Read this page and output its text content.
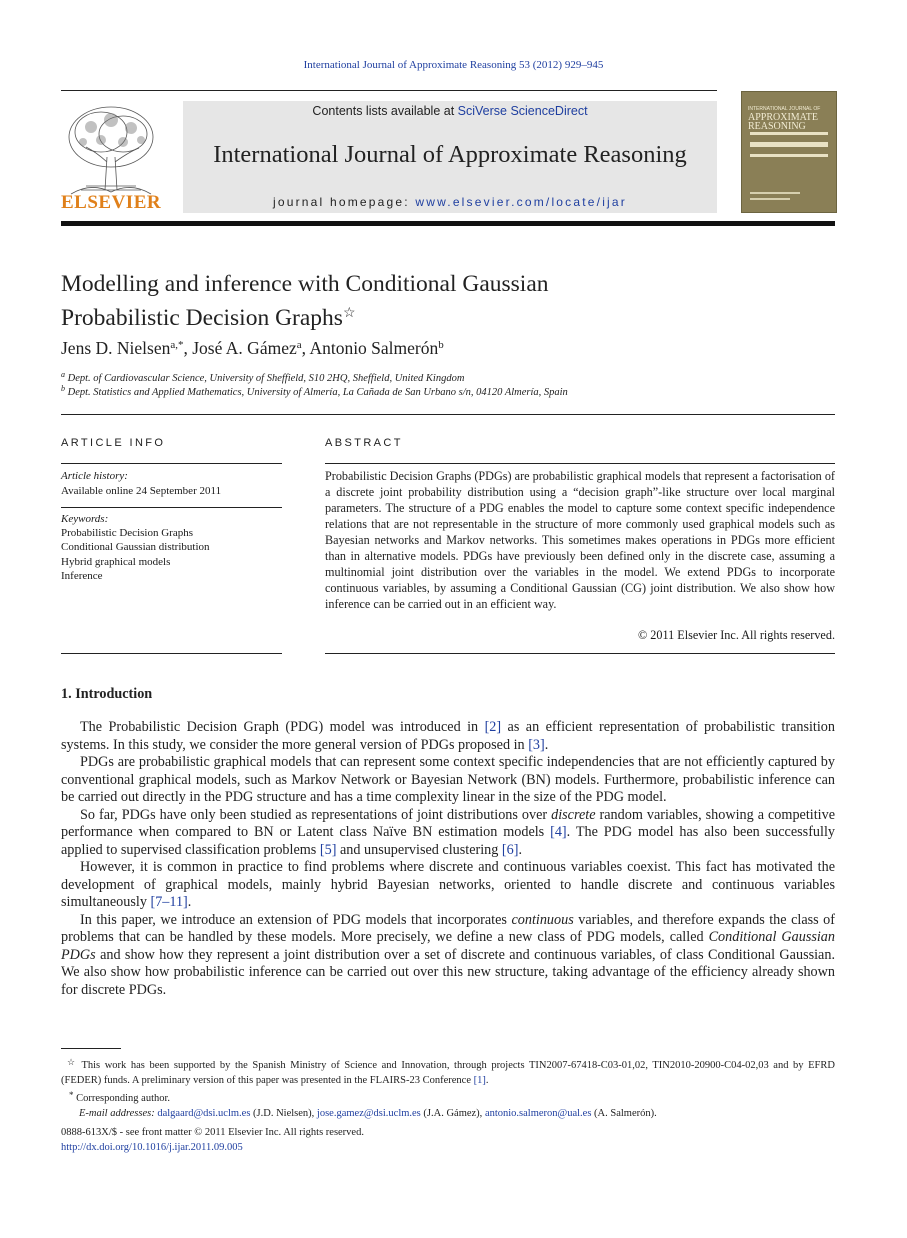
International Journal of Approximate Reasoning 53 (2012) 929–945
ELSEVIER
Contents lists available at SciVerse ScienceDirect
International Journal of Approximate Reasoning
journal homepage: www.elsevier.com/locate/ijar
INTERNATIONAL JOURNAL OF
APPROXIMATE
REASONING
Modelling and inference with Conditional Gaussian
Probabilistic Decision Graphs☆
Jens D. Nielsen$^{a,*}$, José A. Gámez$^a$, Antonio Salmerón$^b$
$^a$ Dept. of Cardiovascular Science, University of Sheffield, S10 2HQ, Sheffield, United Kingdom
$^b$ Dept. Statistics and Applied Mathematics, University of Almería, La Cañada de San Urbano s/n, 04120 Almería, Spain
ARTICLE INFO
Article history:
Available online 24 September 2011
Keywords:
Probabilistic Decision Graphs
Conditional Gaussian distribution
Hybrid graphical models
Inference
ABSTRACT
Probabilistic Decision Graphs (PDGs) are probabilistic graphical models that represent a factorisation of a discrete joint probability distribution using a “decision graph”-like structure over local marginal parameters. The structure of a PDG enables the model to capture some context specific independence relations that are not representable in the structure of more commonly used graphical models such as Bayesian networks and Markov networks. This sometimes makes operations in PDGs more efficient than in alternative models. PDGs have previously been defined only in the discrete case, assuming a multinomial joint distribution over the variables in the model. We extend PDGs to incorporate continuous variables, by assuming a Conditional Gaussian (CG) joint distribution. We also show how inference can be carried out in an efficient way.
© 2011 Elsevier Inc. All rights reserved.
1. Introduction

The Probabilistic Decision Graph (PDG) model was introduced in [2] as an efficient representation of probabilistic transition systems. In this study, we consider the more general version of PDGs proposed in [3].

PDGs are probabilistic graphical models that can represent some context specific independencies that are not efficiently captured by conventional graphical models, such as Markov Network or Bayesian Network (BN) models. Furthermore, probabilistic inference can be carried out directly in the PDG structure and has a time complexity linear in the size of the PDG model.

So far, PDGs have only been studied as representations of joint distributions over discrete random variables, showing a competitive performance when compared to BN or Latent class Naïve BN estimation models [4]. The PDG model has also been successfully applied to supervised classification problems [5] and unsupervised clustering [6].

However, it is common in practice to find problems where discrete and continuous variables coexist. This fact has motivated the development of graphical models, mainly hybrid Bayesian networks, oriented to handle discrete and continuous variables simultaneously [7–11].

In this paper, we introduce an extension of PDG models that incorporates continuous variables, and therefore expands the class of problems that can be handled by these models. More precisely, we define a new class of PDG models, called Conditional Gaussian PDGs and show how they represent a joint distribution over a set of discrete and continuous variables, of class Conditional Gaussian. We also show how probabilistic inference can be carried out over this new structure, taking advantage of the efficiency already shown for discrete PDGs.

☆ This work has been supported by the Spanish Ministry of Science and Innovation, through projects TIN2007-67418-C03-01,02, TIN2010-20900-C04-02,03 and by EFRD (FEDER) funds. A preliminary version of this paper was presented in the FLAIRS-23 Conference [1].

* Corresponding author.

E-mail addresses: dalgaard@dsi.uclm.es (J.D. Nielsen), jose.gamez@dsi.uclm.es (J.A. Gámez), antonio.salmeron@ual.es (A. Salmerón).

0888-613X/$ - see front matter © 2011 Elsevier Inc. All rights reserved.
http://dx.doi.org/10.1016/j.ijar.2011.09.005
